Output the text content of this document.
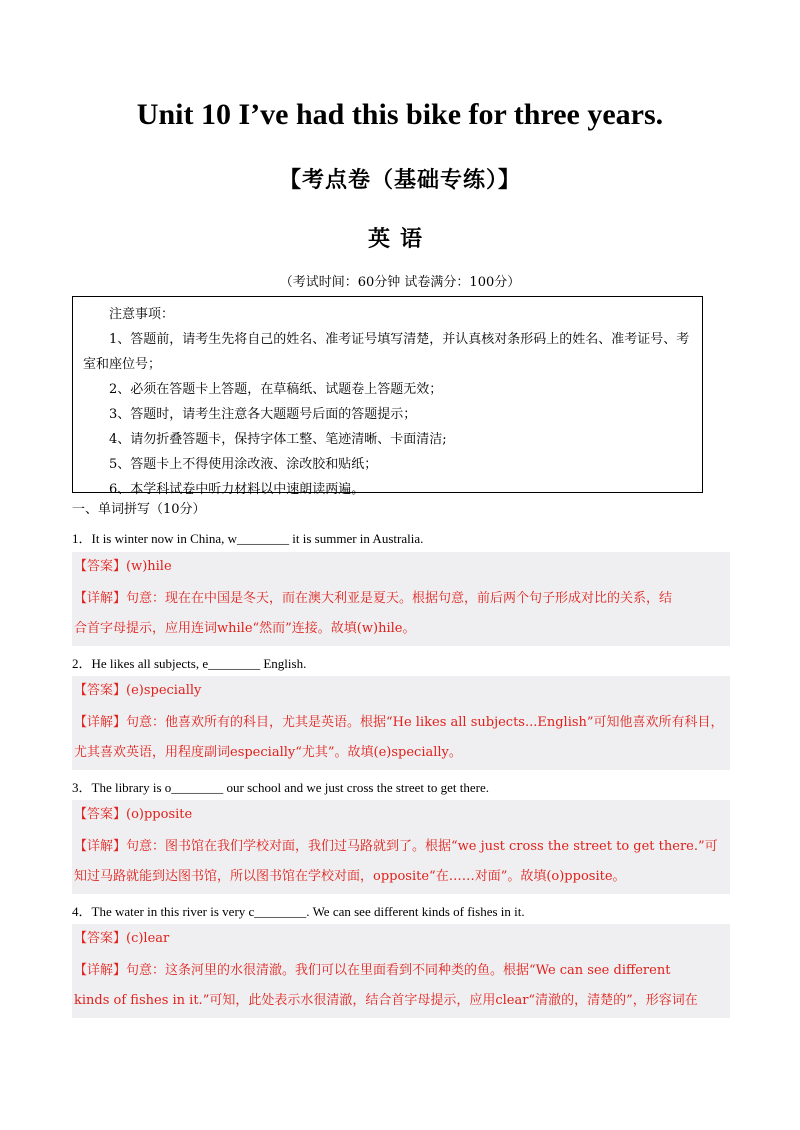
Unit 10 I’ve had this bike for three years.
【考点卷（基础专练）】
英语
（考试时间：60分钟 试卷满分：100分）
注意事项：
1、答题前，请考生先将自己的姓名、准考证号填写清楚，并认真核对条形码上的姓名、准考证号、考室和座位号；
2、必须在答题卡上答题，在草稿纸、试题卷上答题无效；
3、答题时，请考生注意各大题题号后面的答题提示；
4、请勿折叠答题卡，保持字体工整、笔迹清晰、卡面清洁;
5、答题卡上不得使用涂改液、涂改胶和贴纸；
6、本学科试卷中听力材料以中速朗读两遍。
一、单词拼写（10分）
1．It is winter now in China, w________ it is summer in Australia.
【答案】(w)hile
【详解】句意：现在在中国是冬天，而在澳大利亚是夏天。根据句意，前后两个句子形成对比的关系，结
合首字母提示，应用连词while“然而”连接。故填(w)hile。
2．He likes all subjects, e________ English.
【答案】(e)specially
【详解】句意：他喜欢所有的科目，尤其是英语。根据“He likes all subjects...English”可知他喜欢所有科目，
尤其喜欢英语，用程度副词especially“尤其”。故填(e)specially。
3．The library is o________ our school and we just cross the street to get there.
【答案】(o)pposite
【详解】句意：图书馆在我们学校对面，我们过马路就到了。根据“we just cross the street to get there.”可
知过马路就能到达图书馆，所以图书馆在学校对面，opposite“在……对面”。故填(o)pposite。
4．The water in this river is very c________. We can see different kinds of fishes in it.
【答案】(c)lear
【详解】句意：这条河里的水很清澈。我们可以在里面看到不同种类的鱼。根据“We can see different
kinds of fishes in it.”可知，此处表示水很清澈，结合首字母提示，应用clear“清澈的，清楚的”，形容词在
